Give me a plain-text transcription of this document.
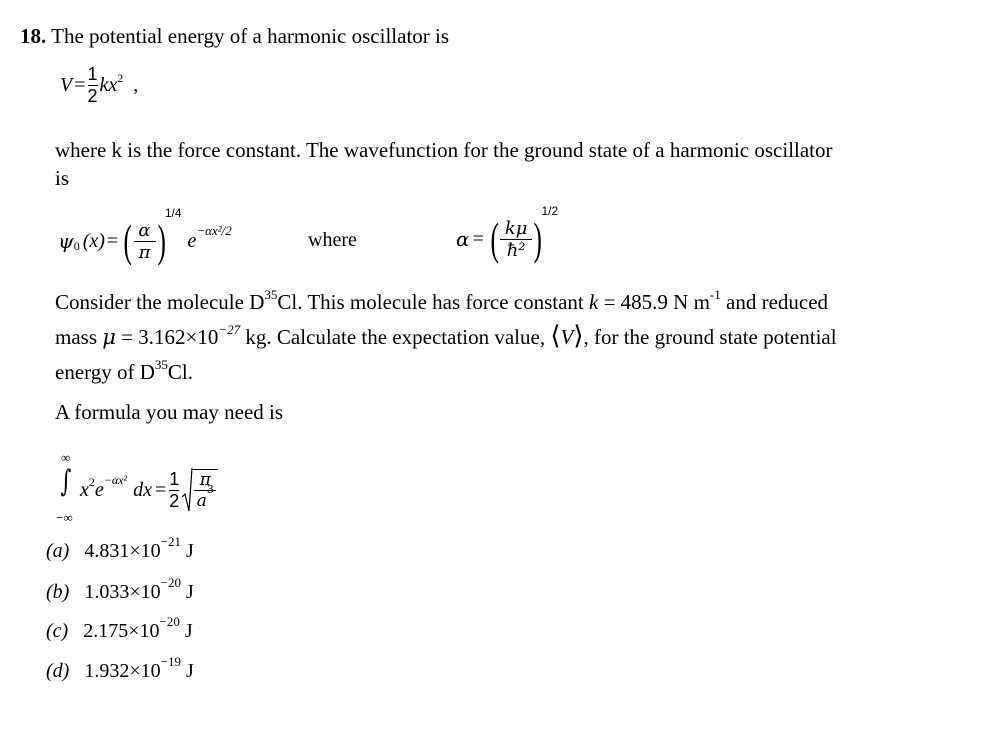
18. The potential energy of a harmonic oscillator is
$V = \frac{1}{2} kx^2$ ,
where k is the force constant. The wavefunction for the ground state of a harmonic oscillator
is
$\psi_0$ (x) = ( $\frac{\alpha}{\pi}$ )
1/4
e −αx²/2	where	α = ( $\frac{k\mu}{\text{ħ²}}$ )
1/2
Consider the molecule $D^{35}Cl$. This molecule has force constant k = 485.9 N $m^{-1}$ and reduced
mass $\mu = 3.162\times 10^{-27}$ kg. Calculate the expectation value, ⟨V⟩, for the ground state potential
energy of $D^{35}Cl$.
A formula you may need is
∞
∫
−∞
$x^2$ $e^{-\alpha x^2}$ dx = $\frac{1}{2} \frac{\pi}{a^3}$
(a) $4.831\times 10^{-21}$ J
(b) $1.033\times 10^{-20}$ J
(c) $2.175\times 10^{-20}$ J
(d) $1.932\times 10^{-19}$ J
